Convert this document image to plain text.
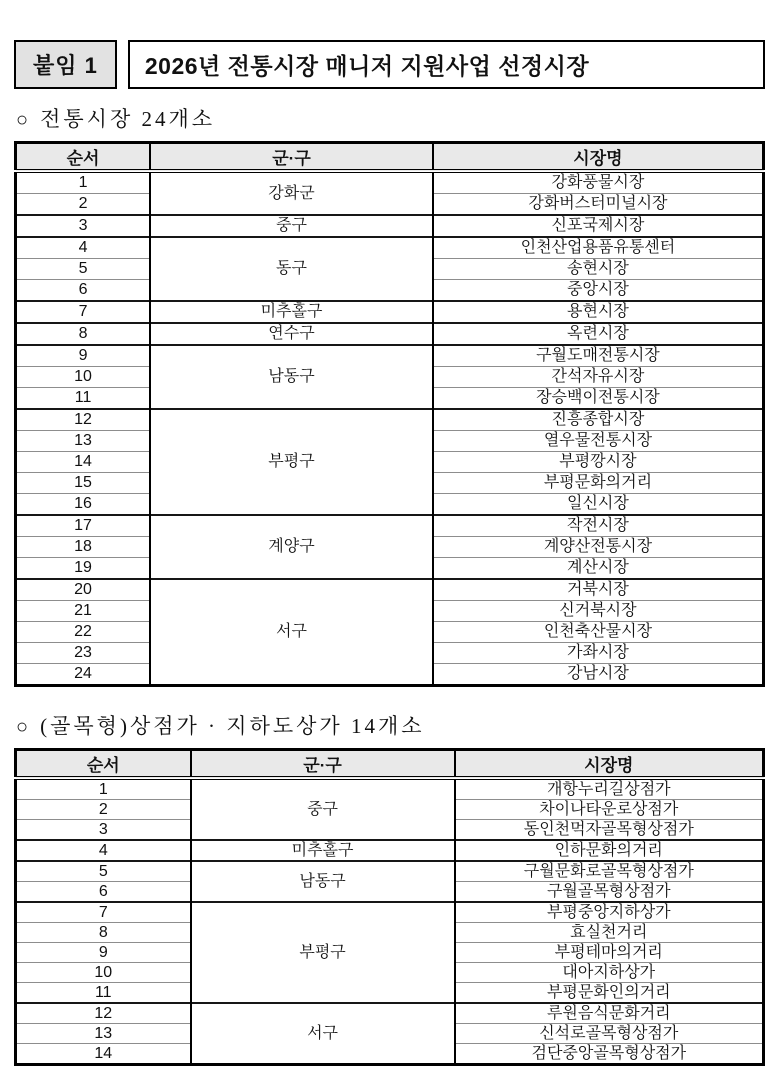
붙임 1	2026년 전통시장 매니저 지원사업 선정시장
○ 전통시장 24개소
순서	군·구	시장명
1	강화군	강화풍물시장
2		강화버스터미널시장
3	중구	신포국제시장
4	동구	인천산업용품유통센터
5		송현시장
6		중앙시장
7	미추홀구	용현시장
8	연수구	옥련시장
9	남동구	구월도매전통시장
10		간석자유시장
11		장승백이전통시장
12	부평구	진흥종합시장
13		열우물전통시장
14		부평깡시장
15		부평문화의거리
16		일신시장
17	계양구	작전시장
18		계양산전통시장
19		계산시장
20	서구	거북시장
21		신거북시장
22		인천축산물시장
23		가좌시장
24		강남시장
○ (골목형)상점가 · 지하도상가 14개소
순서	군·구	시장명
1	중구	개항누리길상점가
2		차이나타운로상점가
3		동인천먹자골목형상점가
4	미추홀구	인하문화의거리
5	남동구	구월문화로골목형상점가
6		구월골목형상점가
7	부평구	부평중앙지하상가
8		효실천거리
9		부평테마의거리
10		대아지하상가
11		부평문화인의거리
12	서구	루원음식문화거리
13		신석로골목형상점가
14		검단중앙골목형상점가
